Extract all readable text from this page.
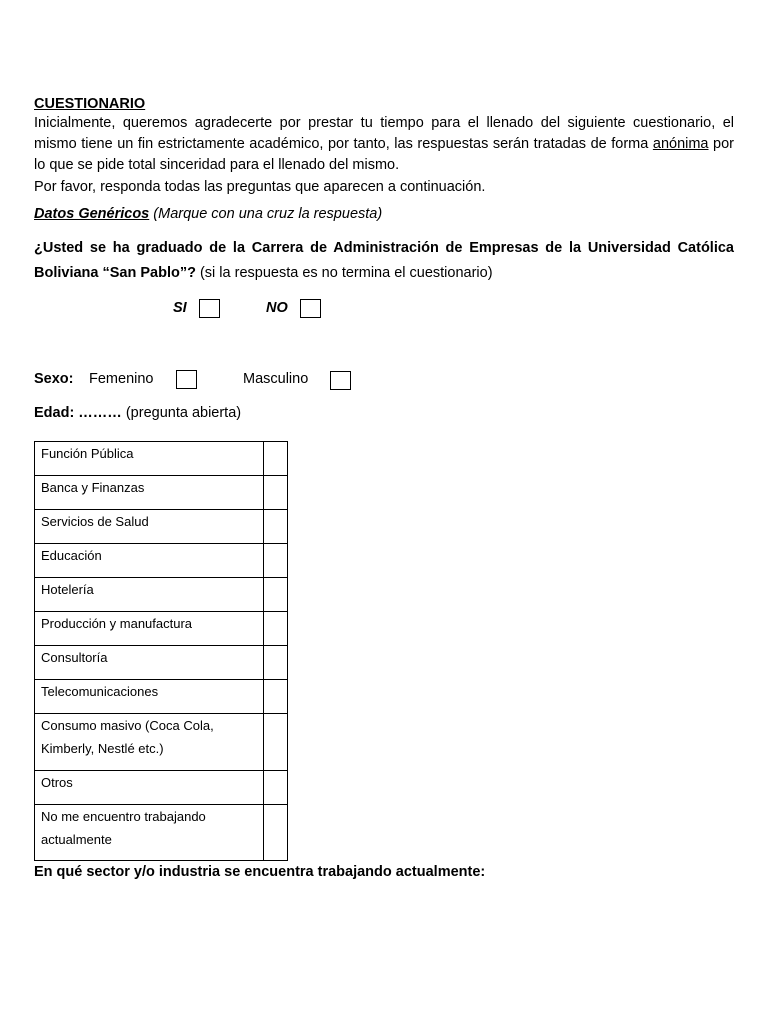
CUESTIONARIO

Inicialmente, queremos agradecerte por prestar tu tiempo para el llenado del siguiente cuestionario, el mismo tiene un fin estrictamente académico, por tanto, las respuestas serán tratadas de forma anónima por lo que se pide total sinceridad para el llenado del mismo.

Por favor, responda todas las preguntas que aparecen a continuación.
Datos Genéricos (Marque con una cruz la respuesta)
¿Usted se ha graduado de la Carrera de Administración de Empresas de la Universidad Católica Boliviana “San Pablo”? (si la respuesta es no termina el cuestionario)
SI	NO
Sexo: Femenino	Masculino
Edad: ……… (pregunta abierta)
Función Pública	
Banca y Finanzas	
Servicios de Salud	
Educación	
Hotelería	
Producción y manufactura	
Consultoría	
Telecomunicaciones	
Consumo masivo (Coca Cola, Kimberly, Nestlé etc.)	
Otros	
No me encuentro trabajando actualmente	
En qué sector y/o industria se encuentra trabajando actualmente:
